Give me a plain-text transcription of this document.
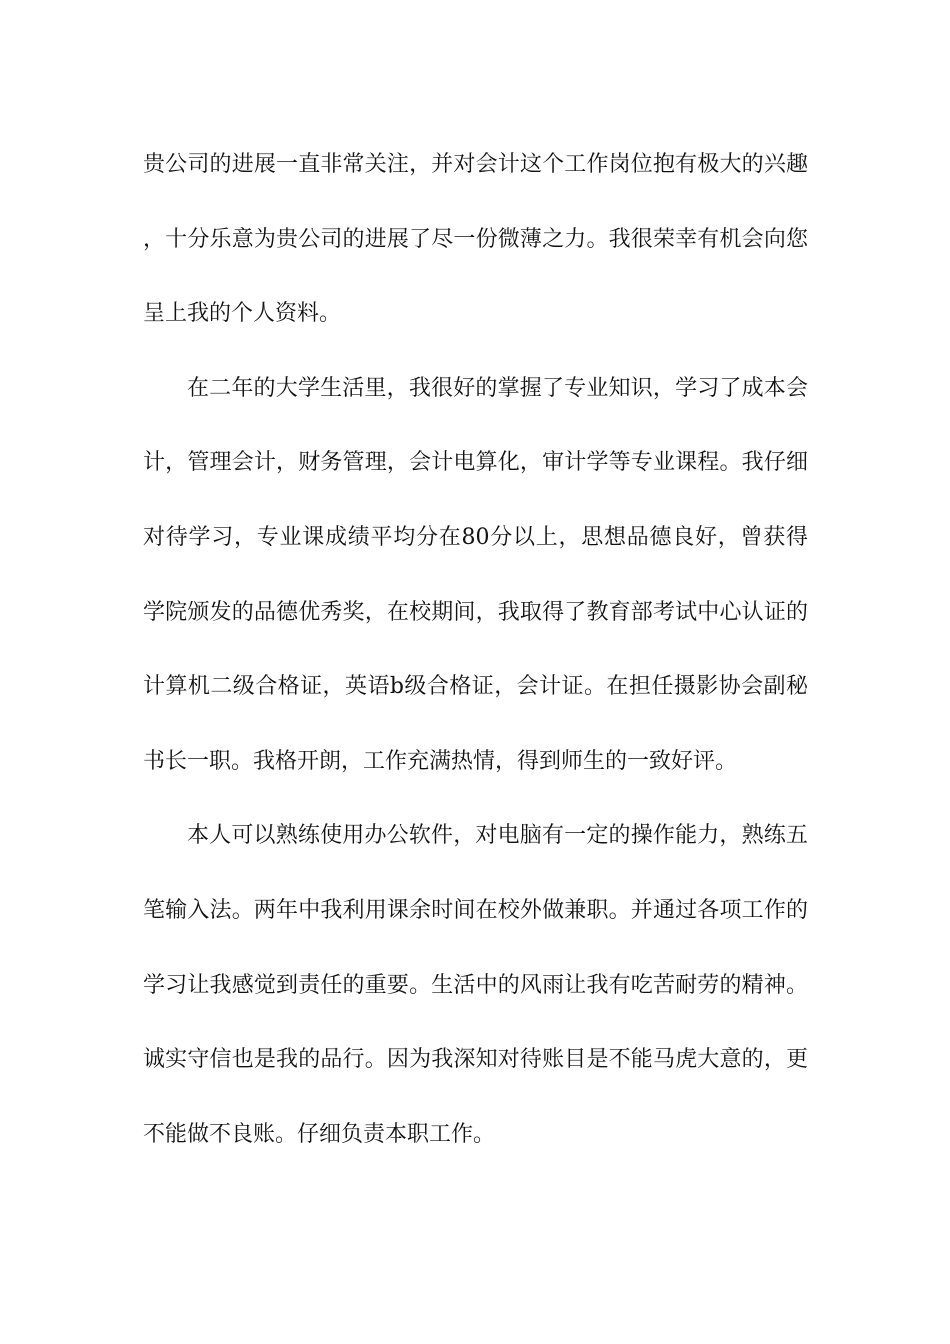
贵公司的进展一直非常关注，并对会计这个工作岗位抱有极大的兴趣，十分乐意为贵公司的进展了尽一份微薄之力。我很荣幸有机会向您呈上我的个人资料。

在二年的大学生活里，我很好的掌握了专业知识，学习了成本会计，管理会计，财务管理，会计电算化，审计学等专业课程。我仔细对待学习，专业课成绩平均分在80分以上，思想品德良好，曾获得学院颁发的品德优秀奖，在校期间，我取得了教育部考试中心认证的计算机二级合格证，英语b级合格证，会计证。在担任摄影协会副秘书长一职。我格开朗，工作充满热情，得到师生的一致好评。

本人可以熟练使用办公软件，对电脑有一定的操作能力，熟练五笔输入法。两年中我利用课余时间在校外做兼职。并通过各项工作的学习让我感觉到责任的重要。生活中的风雨让我有吃苦耐劳的精神。诚实守信也是我的品行。因为我深知对待账目是不能马虎大意的，更不能做不良账。仔细负责本职工作。
